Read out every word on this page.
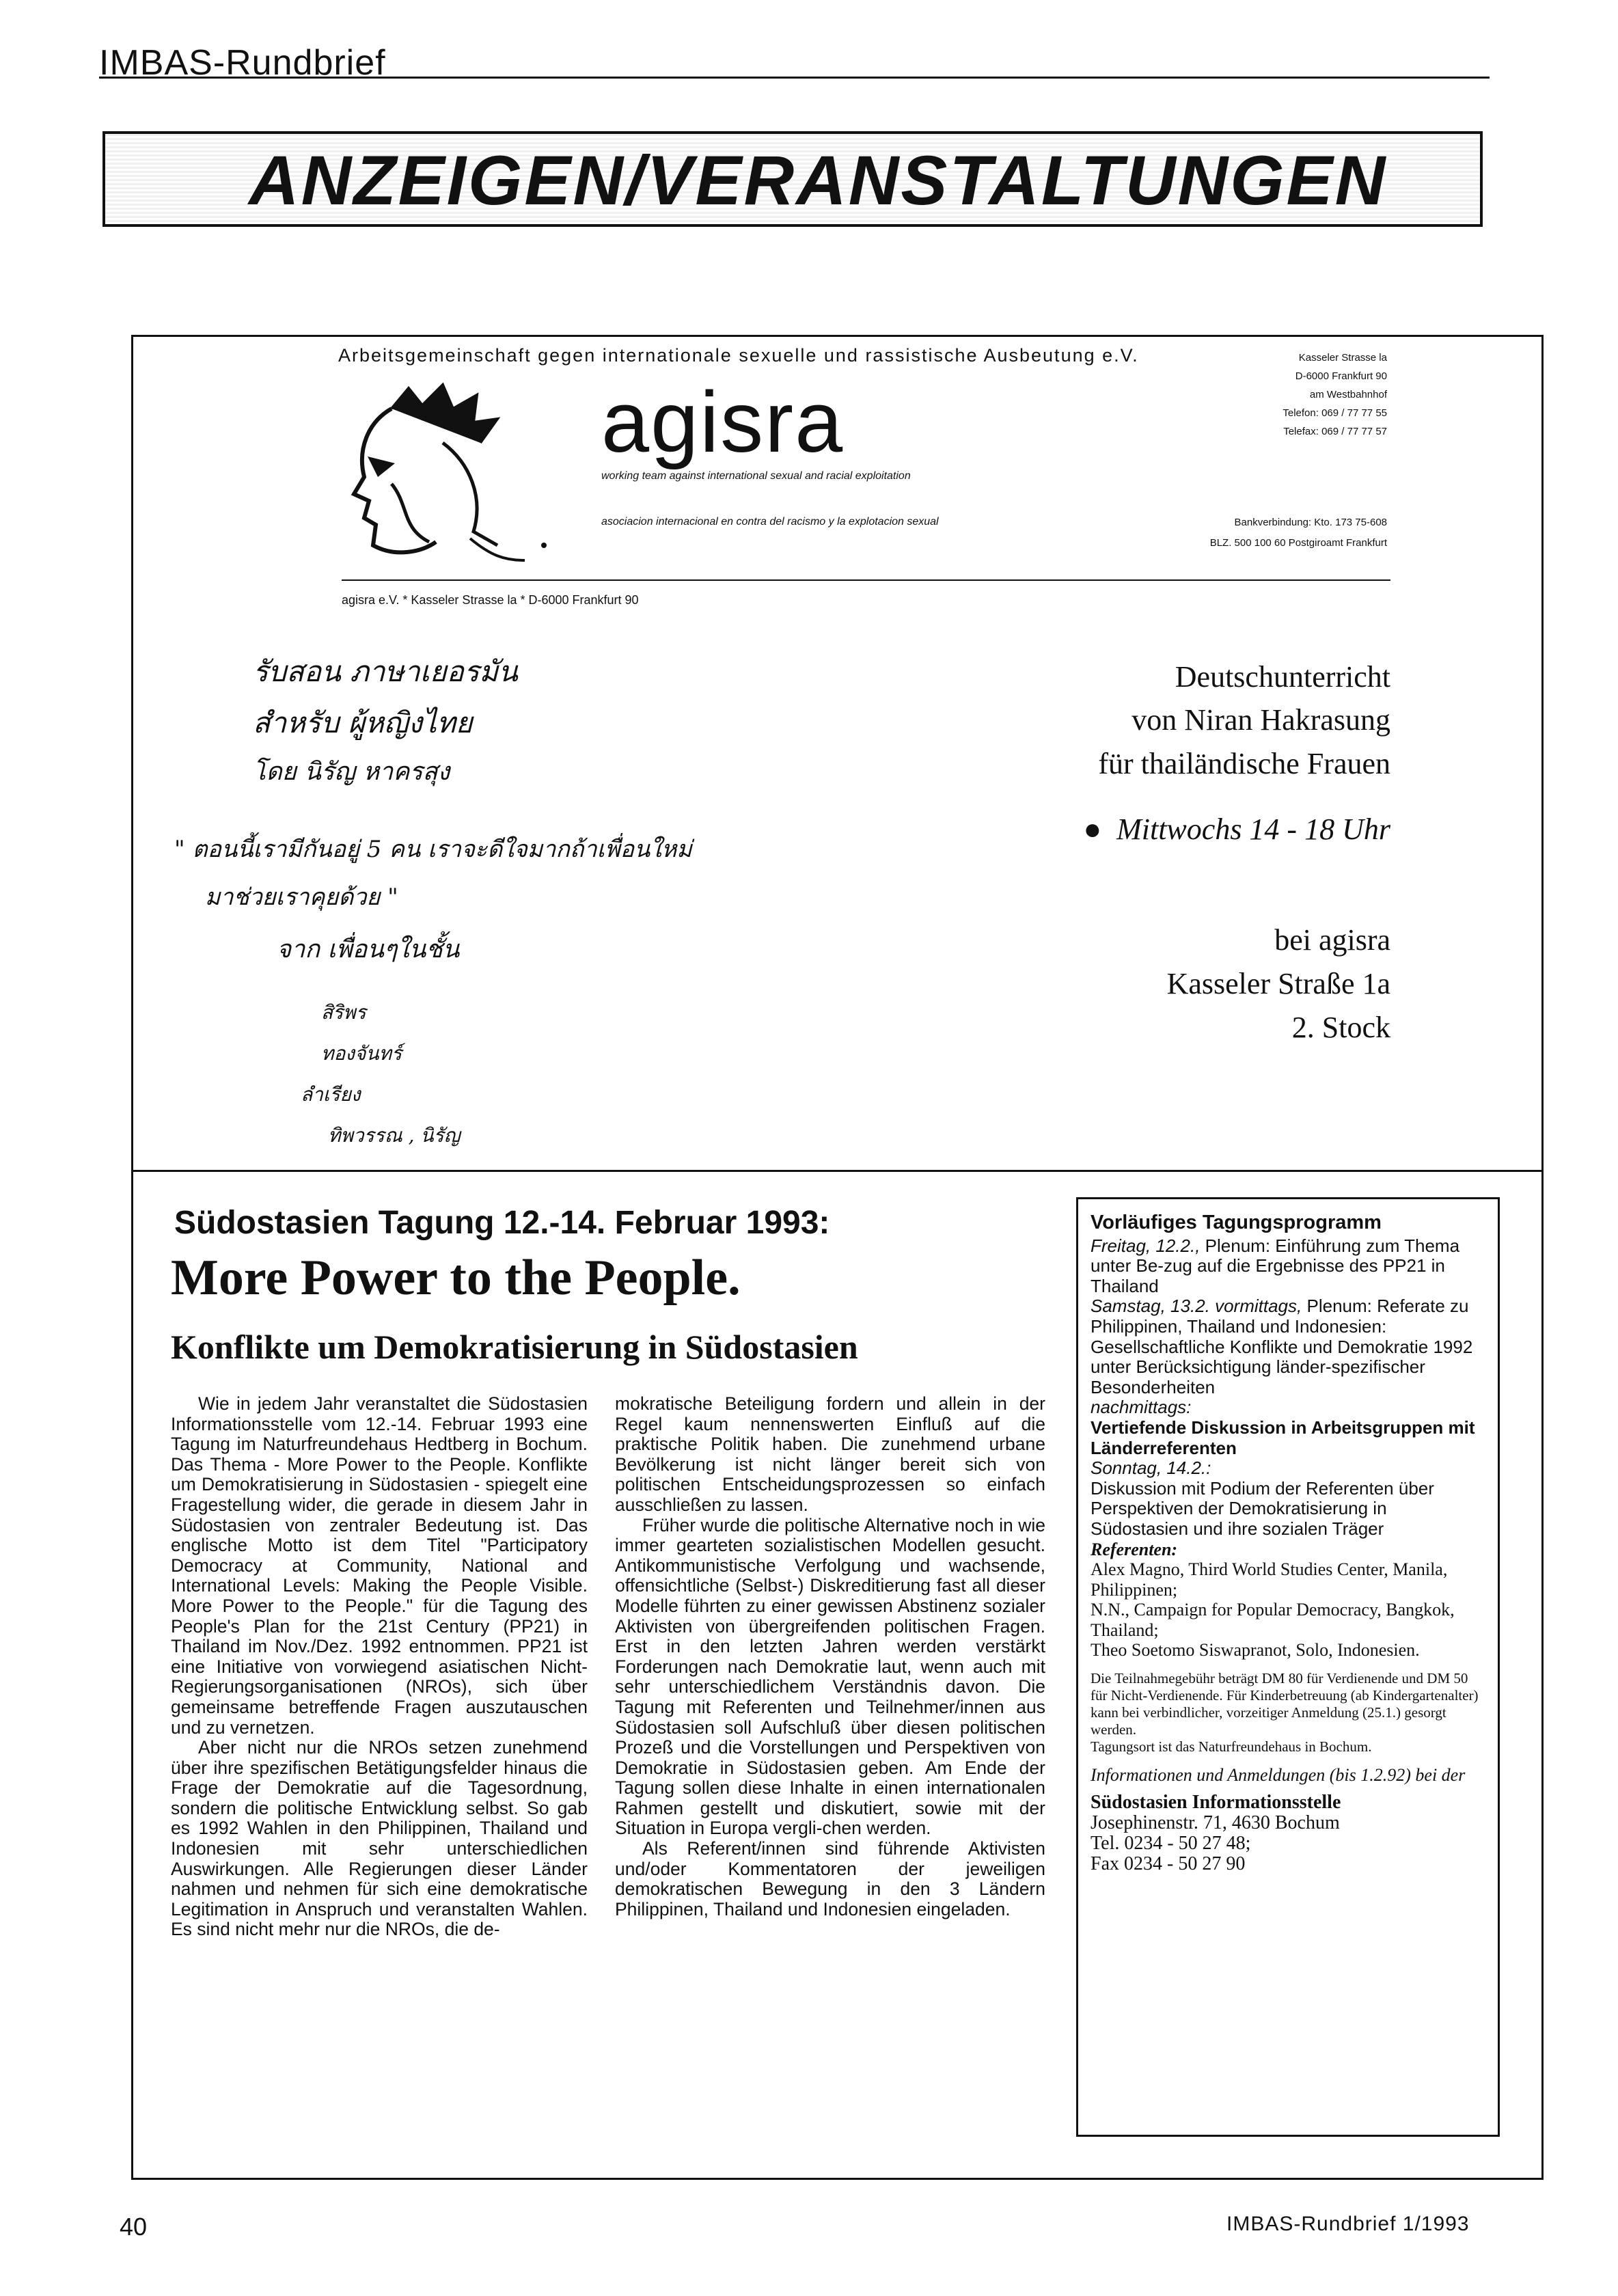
IMBAS-Rundbrief
ANZEIGEN/VERANSTALTUNGEN
Arbeitsgemeinschaft gegen internationale sexuelle und rassistische Ausbeutung e.V.
agisra
working team against international sexual and racial exploitation
asociacion internacional en contra del racismo y la explotacion sexual
Kasseler Strasse la
D-6000 Frankfurt 90
am Westbahnhof
Telefon: 069 / 77 77 55
Telefax: 069 / 77 77 57
Bankverbindung: Kto. 173 75-608
BLZ. 500 100 60 Postgiroamt Frankfurt
agisra e.V. * Kasseler Strasse la * D-6000 Frankfurt 90
รับสอน ภาษาเยอรมัน
สำหรับ ผู้หญิงไทย
โดย นิรัญ หาครสุง
" ตอนนี้เรามีกันอยู่ 5 คน เราจะดีใจมากถ้าเพื่อนใหม่
มาช่วยเราคุยด้วย "
จาก เพื่อนๆในชั้น
สิริพร
ทองจันทร์
ลำเรียง
ทิพวรรณ , นิรัญ
Deutschunterricht
von Niran Hakrasung
für thailändische Frauen
●  Mittwochs 14 - 18 Uhr
bei agisra
Kasseler Straße 1a
2. Stock
Südostasien Tagung 12.-14. Februar 1993:
More Power to the People.
Konflikte um Demokratisierung in Südostasien

Wie in jedem Jahr veranstaltet die Südostasien Informationsstelle vom 12.-14. Februar 1993 eine Tagung im Naturfreundehaus Hedtberg in Bochum. Das Thema - More Power to the People. Konflikte um Demokratisierung in Südostasien - spiegelt eine Fragestellung wider, die gerade in diesem Jahr in Südostasien von zentraler Bedeutung ist. Das englische Motto ist dem Titel "Participatory Democracy at Community, National and International Levels: Making the People Visible. More Power to the People." für die Tagung des People's Plan for the 21st Century (PP21) in Thailand im Nov./Dez. 1992 entnommen. PP21 ist eine Initiative von vorwiegend asiatischen Nicht-Regierungsorganisationen (NROs), sich über gemeinsame betreffende Fragen auszutauschen und zu vernetzen.

Aber nicht nur die NROs setzen zunehmend über ihre spezifischen Betätigungsfelder hinaus die Frage der Demokratie auf die Tagesordnung, sondern die politische Entwicklung selbst. So gab es 1992 Wahlen in den Philippinen, Thailand und Indonesien mit sehr unterschiedlichen Auswirkungen. Alle Regierungen dieser Länder nahmen und nehmen für sich eine demokratische Legitimation in Anspruch und veranstalten Wahlen. Es sind nicht mehr nur die NROs, die de-

mokratische Beteiligung fordern und allein in der Regel kaum nennenswerten Einfluß auf die praktische Politik haben. Die zunehmend urbane Bevölkerung ist nicht länger bereit sich von politischen Entscheidungsprozessen so einfach ausschließen zu lassen.

Früher wurde die politische Alternative noch in wie immer gearteten sozialistischen Modellen gesucht. Antikommunistische Verfolgung und wachsende, offensichtliche (Selbst-) Diskreditierung fast all dieser Modelle führten zu einer gewissen Abstinenz sozialer Aktivisten von übergreifenden politischen Fragen. Erst in den letzten Jahren werden verstärkt Forderungen nach Demokratie laut, wenn auch mit sehr unterschiedlichem Verständnis davon. Die Tagung mit Referenten und Teilnehmer/innen aus Südostasien soll Aufschluß über diesen politischen Prozeß und die Vorstellungen und Perspektiven von Demokratie in Südostasien geben. Am Ende der Tagung sollen diese Inhalte in einen internationalen Rahmen gestellt und diskutiert, sowie mit der Situation in Europa vergli-chen werden.

Als Referent/innen sind führende Aktivisten und/oder Kommentatoren der jeweiligen demokratischen Bewegung in den 3 Ländern Philippinen, Thailand und Indonesien eingeladen.

Vorläufiges Tagungsprogramm

Freitag, 12.2., Plenum: Einführung zum Thema unter Be-zug auf die Ergebnisse des PP21 in Thailand

Samstag, 13.2. vormittags, Plenum: Referate zu Philippinen, Thailand und Indonesien: Gesellschaftliche Konflikte und Demokratie 1992 unter Berücksichtigung länder-spezifischer Besonderheiten

nachmittags:

Vertiefende Diskussion in Arbeitsgruppen mit Länderreferenten

Sonntag, 14.2.:

Diskussion mit Podium der Referenten über Perspektiven der Demokratisierung in Südostasien und ihre sozialen Träger

Referenten:

Alex Magno, Third World Studies Center, Manila, Philippinen;

N.N., Campaign for Popular Democracy, Bangkok, Thailand;

Theo Soetomo Siswapranot, Solo, Indonesien.

Die Teilnahmegebühr beträgt DM 80 für Verdienende und DM 50 für Nicht-Verdienende. Für Kinderbetreuung (ab Kindergartenalter) kann bei verbindlicher, vorzeitiger Anmeldung (25.1.) gesorgt werden.

Tagungsort ist das Naturfreundehaus in Bochum.

Informationen und Anmeldungen (bis 1.2.92) bei der

Südostasien Informationsstelle
Josephinenstr. 71, 4630 Bochum
Tel. 0234 - 50 27 48;
Fax 0234 - 50 27 90
40	IMBAS-Rundbrief 1/1993
